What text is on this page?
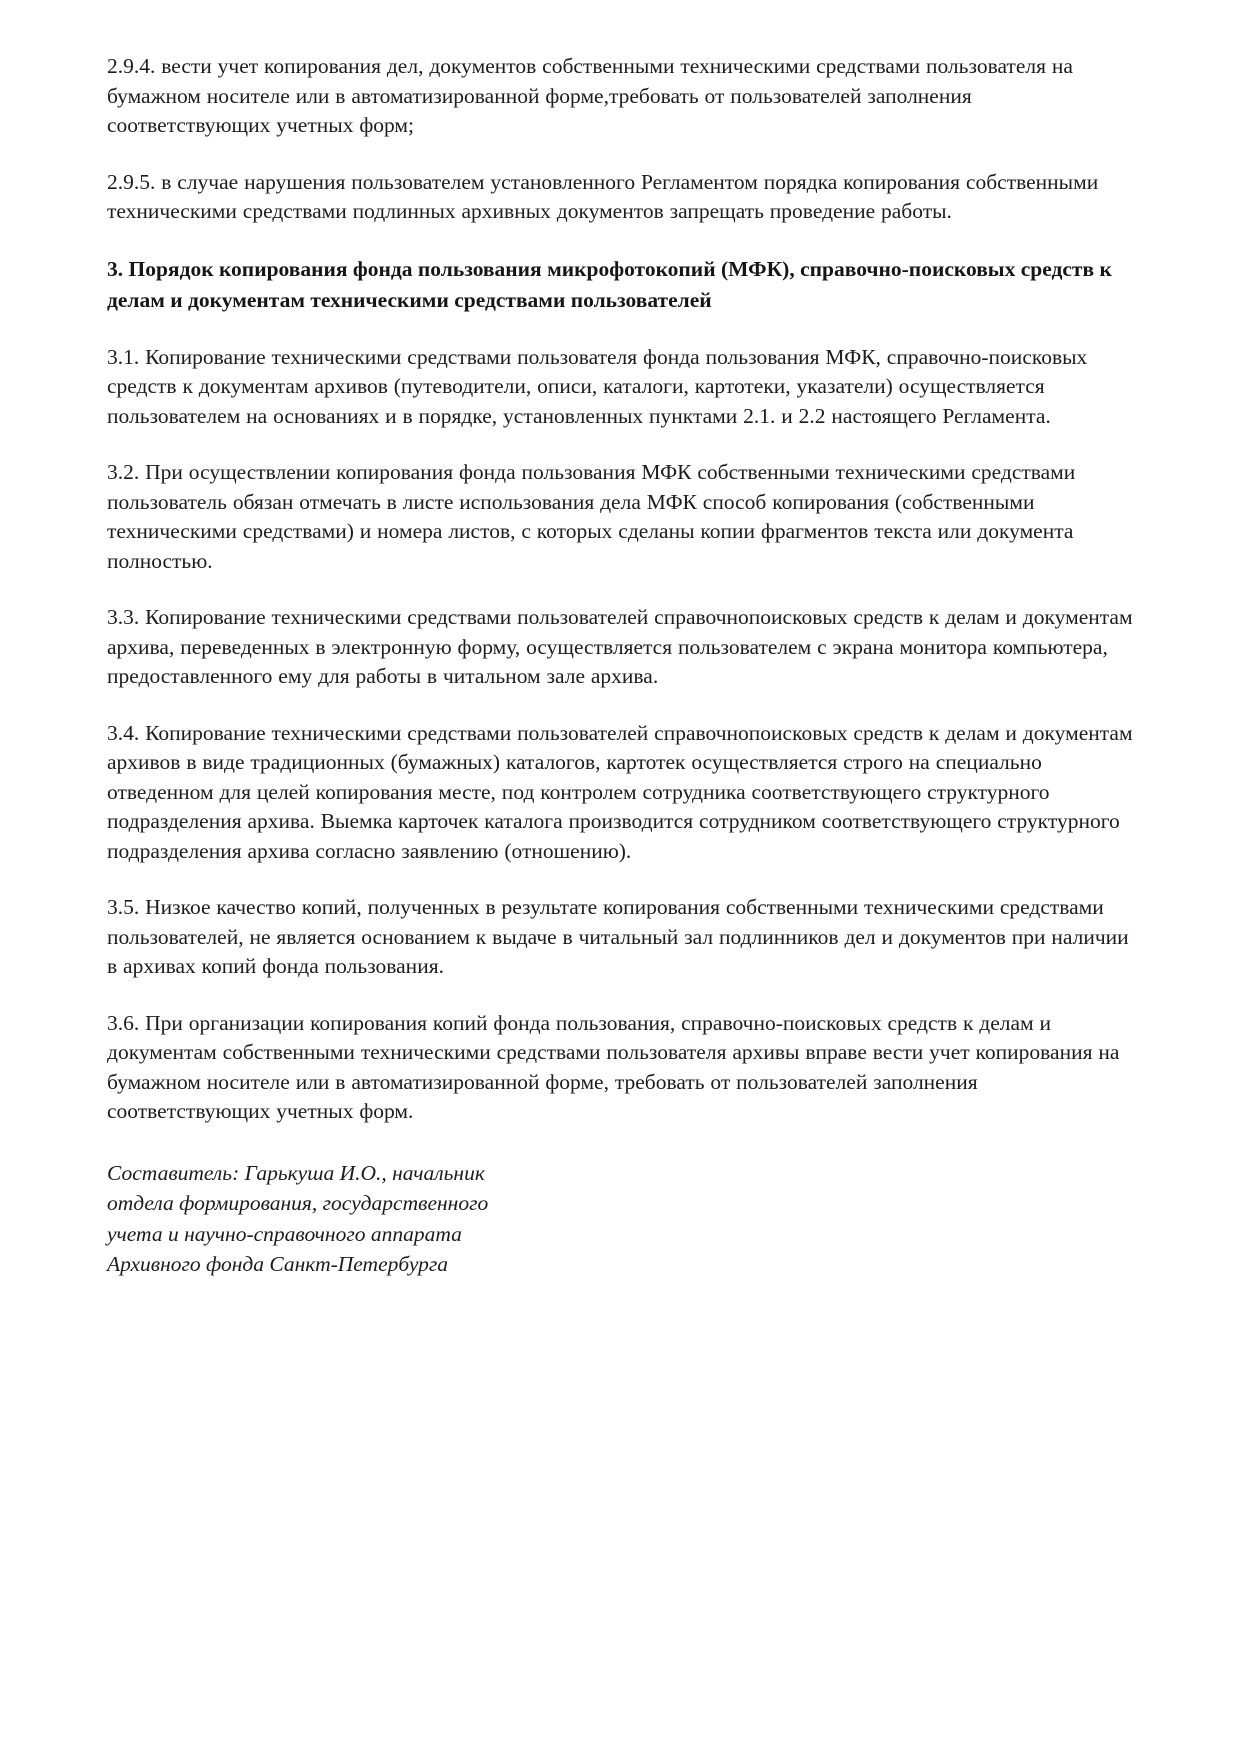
2.9.4. вести учет копирования дел, документов собственными техническими средствами пользователя на бумажном носителе или в автоматизированной форме,требовать от пользователей заполнения соответствующих учетных форм;

2.9.5. в случае нарушения пользователем установленного Регламентом порядка копирования собственными техническими средствами подлинных архивных документов запрещать проведение работы.

3. Порядок копирования фонда пользования микрофотокопий (МФК), справочно-поисковых средств к делам и документам техническими средствами пользователей

3.1. Копирование техническими средствами пользователя фонда пользования МФК, справочно-поисковых средств к документам архивов (путеводители, описи, каталоги, картотеки, указатели) осуществляется пользователем на основаниях и в порядке, установленных пунктами 2.1. и 2.2 настоящего Регламента.

3.2. При осуществлении копирования фонда пользования МФК собственными техническими средствами пользователь обязан отмечать в листе использования дела МФК способ копирования (собственными техническими средствами) и номера листов, с которых сделаны копии фрагментов текста или документа полностью.

3.3. Копирование техническими средствами пользователей справочнопоисковых средств к делам и документам архива, переведенных в электронную форму, осуществляется пользователем с экрана монитора компьютера, предоставленного ему для работы в читальном зале архива.

3.4. Копирование техническими средствами пользователей справочнопоисковых средств к делам и документам архивов в виде традиционных (бумажных) каталогов, картотек осуществляется строго на специально отведенном для целей копирования месте, под контролем сотрудника соответствующего структурного подразделения архива. Выемка карточек каталога производится сотрудником соответствующего структурного подразделения архива согласно заявлению (отношению).

3.5. Низкое качество копий, полученных в результате копирования собственными техническими средствами пользователей, не является основанием к выдаче в читальный зал подлинников дел и документов при наличии в архивах копий фонда пользования.

3.6. При организации копирования копий фонда пользования, справочно-поисковых средств к делам и документам собственными техническими средствами пользователя архивы вправе вести учет копирования на бумажном носителе или в автоматизированной форме, требовать от пользователей заполнения соответствующих учетных форм.

Составитель: Гарькуша И.О., начальник

отдела формирования, государственного

учета и научно-справочного аппарата

Архивного фонда Санкт-Петербурга
